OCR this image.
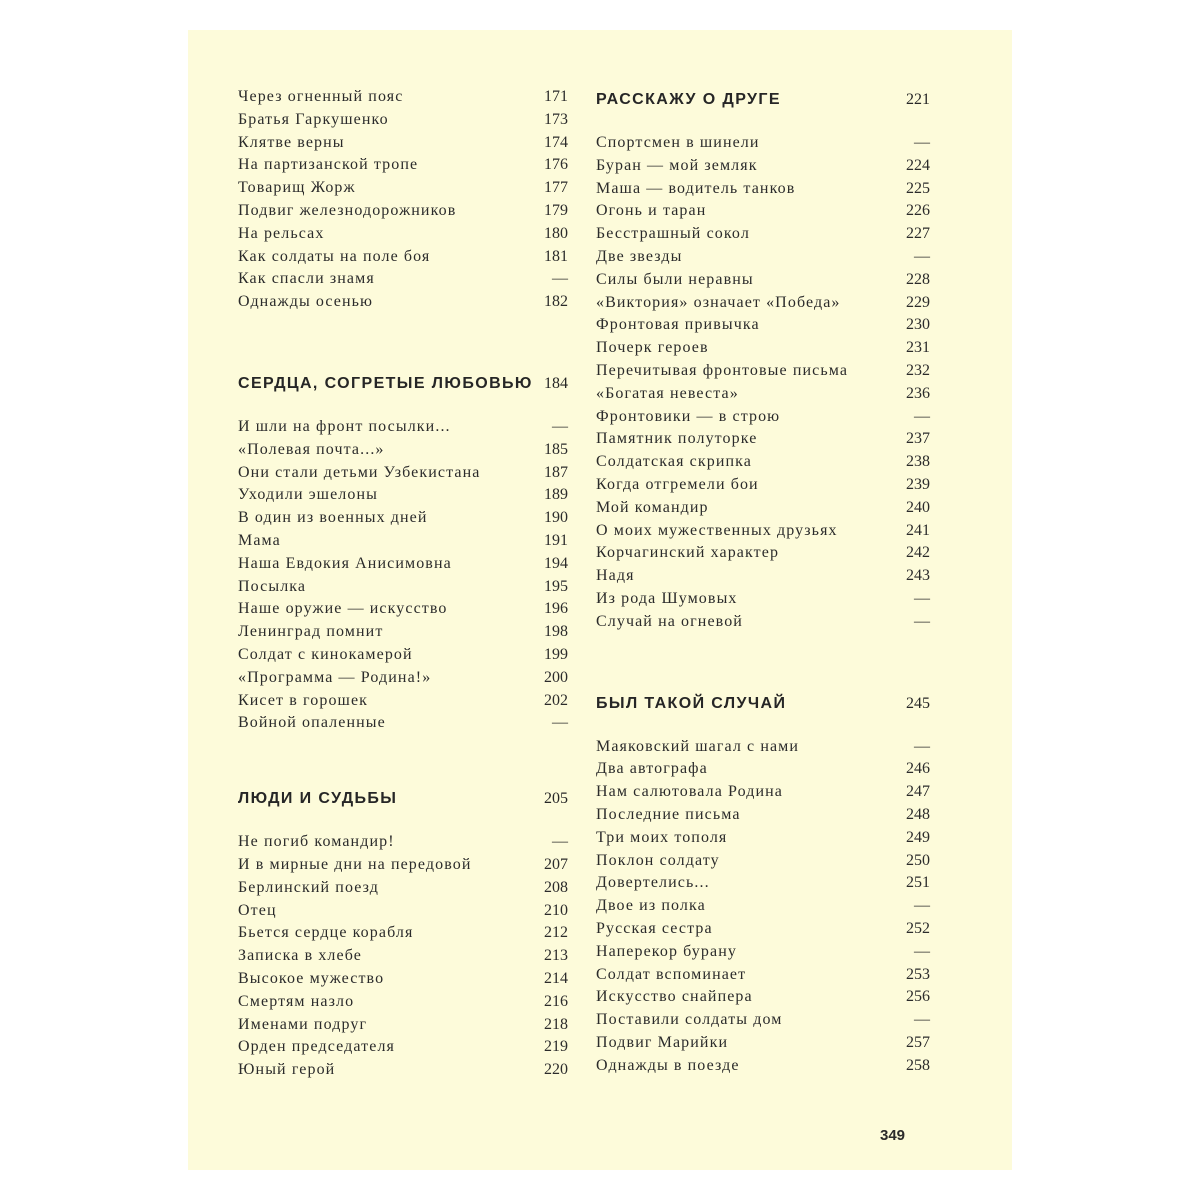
Через огненный пояс	171
Братья Гаркушенко	173
Клятве верны	174
На партизанской тропе	176
Товарищ Жорж	177
Подвиг железнодорожников	179
На рельсах	180
Как солдаты на поле боя	181
Как спасли знамя	—
Однажды осенью	182
СЕРДЦА, СОГРЕТЫЕ ЛЮБОВЬЮ 184
И шли на фронт посылки...	—
«Полевая почта...»	185
Они стали детьми Узбекистана	187
Уходили эшелоны	189
В один из военных дней	190
Мама	191
Наша Евдокия Анисимовна	194
Посылка	195
Наше оружие — искусство	196
Ленинград помнит	198
Солдат с кинокамерой	199
«Программа — Родина!»	200
Кисет в горошек	202
Войной опаленные	—
ЛЮДИ И СУДЬБЫ	205
Не погиб командир!	—
И в мирные дни на передовой	207
Берлинский поезд	208
Отец	210
Бьется сердце корабля	212
Записка в хлебе	213
Высокое мужество	214
Смертям назло	216
Именами подруг	218
Орден председателя	219
Юный герой	220
РАССКАЖУ О ДРУГЕ	221
Спортсмен в шинели	—
Буран — мой земляк	224
Маша — водитель танков	225
Огонь и таран	226
Бесстрашный сокол	227
Две звезды	—
Силы были неравны	228
«Виктория» означает «Победа»	229
Фронтовая привычка	230
Почерк героев	231
Перечитывая фронтовые письма	232
«Богатая невеста»	236
Фронтовики — в строю	—
Памятник полуторке	237
Солдатская скрипка	238
Когда отгремели бои	239
Мой командир	240
О моих мужественных друзьях	241
Корчагинский характер	242
Надя	243
Из рода Шумовых	—
Случай на огневой	—
БЫЛ ТАКОЙ СЛУЧАЙ	245
Маяковский шагал с нами	—
Два автографа	246
Нам салютовала Родина	247
Последние письма	248
Три моих тополя	249
Поклон солдату	250
Довертелись...	251
Двое из полка	—
Русская сестра	252
Наперекор бурану	—
Солдат вспоминает	253
Искусство снайпера	256
Поставили солдаты дом	—
Подвиг Марийки	257
Однажды в поезде	258
349
